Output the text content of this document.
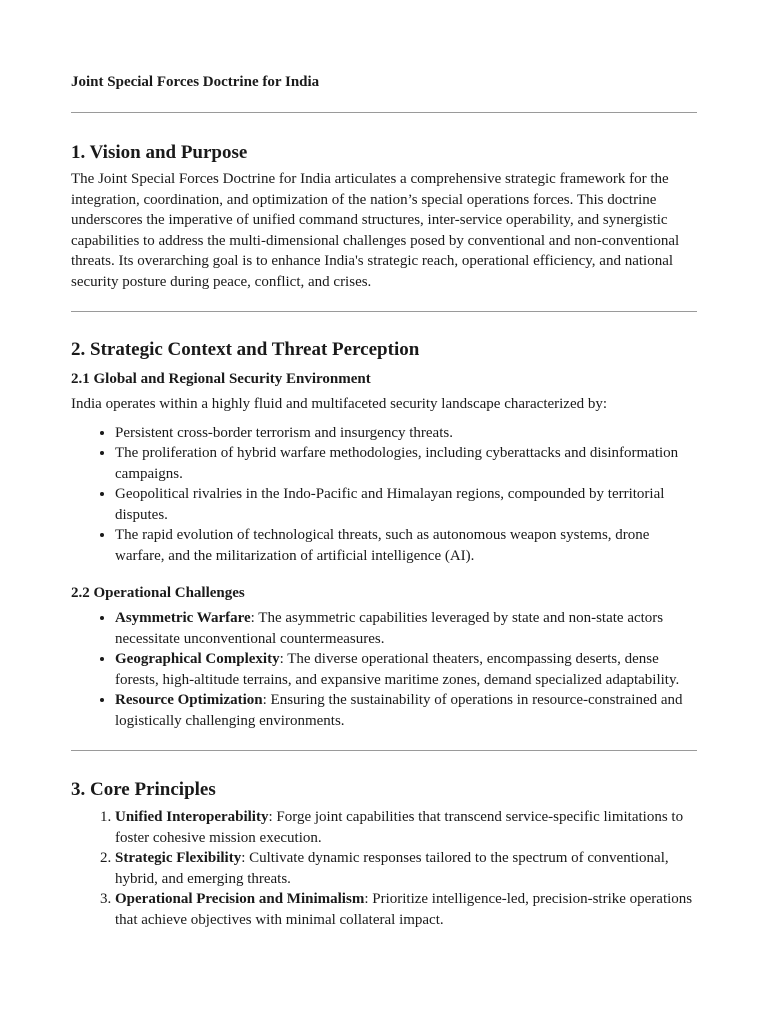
Joint Special Forces Doctrine for India
1. Vision and Purpose

The Joint Special Forces Doctrine for India articulates a comprehensive strategic framework for the integration, coordination, and optimization of the nation’s special operations forces. This doctrine underscores the imperative of unified command structures, inter-service operability, and synergistic capabilities to address the multi-dimensional challenges posed by conventional and non-conventional threats. Its overarching goal is to enhance India's strategic reach, operational efficiency, and national security posture during peace, conflict, and crises.

2. Strategic Context and Threat Perception
2.1 Global and Regional Security Environment

India operates within a highly fluid and multifaceted security landscape characterized by:

• Persistent cross-border terrorism and insurgency threats.
• The proliferation of hybrid warfare methodologies, including cyberattacks and disinformation campaigns.
• Geopolitical rivalries in the Indo-Pacific and Himalayan regions, compounded by territorial disputes.
• The rapid evolution of technological threats, such as autonomous weapon systems, drone warfare, and the militarization of artificial intelligence (AI).
2.2 Operational Challenges
• Asymmetric Warfare: The asymmetric capabilities leveraged by state and non-state actors necessitate unconventional countermeasures.
• Geographical Complexity: The diverse operational theaters, encompassing deserts, dense forests, high-altitude terrains, and expansive maritime zones, demand specialized adaptability.
• Resource Optimization: Ensuring the sustainability of operations in resource-constrained and logistically challenging environments.
3. Core Principles
1. Unified Interoperability: Forge joint capabilities that transcend service-specific limitations to foster cohesive mission execution.
2. Strategic Flexibility: Cultivate dynamic responses tailored to the spectrum of conventional, hybrid, and emerging threats.
3. Operational Precision and Minimalism: Prioritize intelligence-led, precision-strike operations that achieve objectives with minimal collateral impact.
